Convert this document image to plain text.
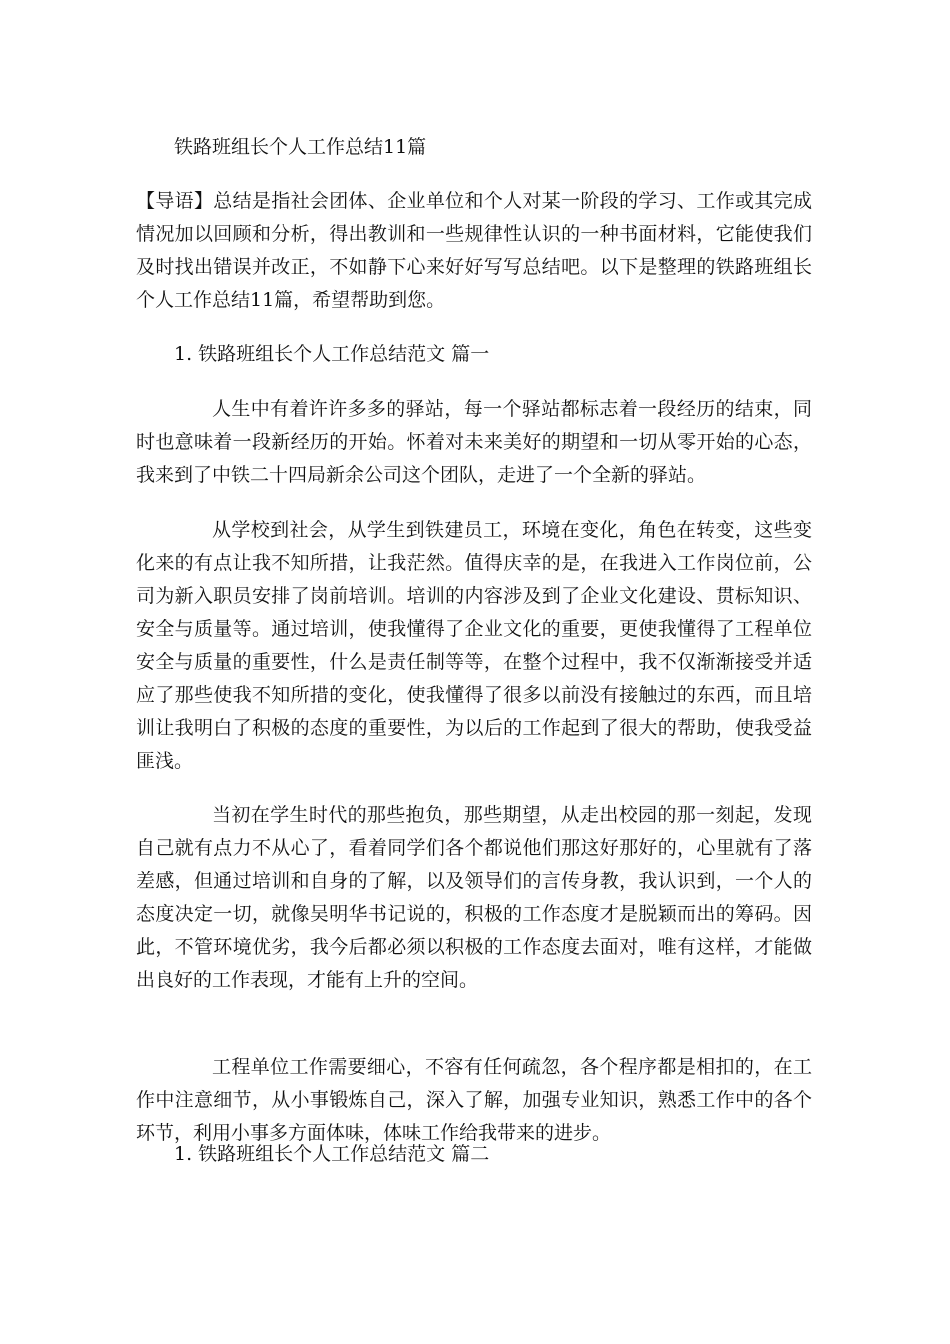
铁路班组长个人工作总结11篇
【导语】总结是指社会团体、企业单位和个人对某一阶段的学习、工作或其完成情况加以回顾和分析，得出教训和一些规律性认识的一种书面材料，它能使我们及时找出错误并改正，不如静下心来好好写写总结吧。以下是整理的铁路班组长个人工作总结11篇，希望帮助到您。
1. 铁路班组长个人工作总结范文 篇一
人生中有着许许多多的驿站，每一个驿站都标志着一段经历的结束，同时也意味着一段新经历的开始。怀着对未来美好的期望和一切从零开始的心态，我来到了中铁二十四局新余公司这个团队，走进了一个全新的驿站。
从学校到社会，从学生到铁建员工，环境在变化，角色在转变，这些变化来的有点让我不知所措，让我茫然。值得庆幸的是，在我进入工作岗位前，公司为新入职员安排了岗前培训。培训的内容涉及到了企业文化建设、贯标知识、安全与质量等。通过培训，使我懂得了企业文化的重要，更使我懂得了工程单位安全与质量的重要性，什么是责任制等等，在整个过程中，我不仅渐渐接受并适应了那些使我不知所措的变化，使我懂得了很多以前没有接触过的东西，而且培训让我明白了积极的态度的重要性，为以后的工作起到了很大的帮助，使我受益匪浅。
当初在学生时代的那些抱负，那些期望，从走出校园的那一刻起，发现自己就有点力不从心了，看着同学们各个都说他们那这好那好的，心里就有了落差感，但通过培训和自身的了解，以及领导们的言传身教，我认识到，一个人的态度决定一切，就像吴明华书记说的，积极的工作态度才是脱颖而出的筹码。因此，不管环境优劣，我今后都必须以积极的工作态度去面对，唯有这样，才能做出良好的工作表现，才能有上升的空间。
工程单位工作需要细心，不容有任何疏忽，各个程序都是相扣的，在工作中注意细节，从小事锻炼自己，深入了解，加强专业知识，熟悉工作中的各个环节，利用小事多方面体味，体味工作给我带来的进步。
1. 铁路班组长个人工作总结范文 篇二
